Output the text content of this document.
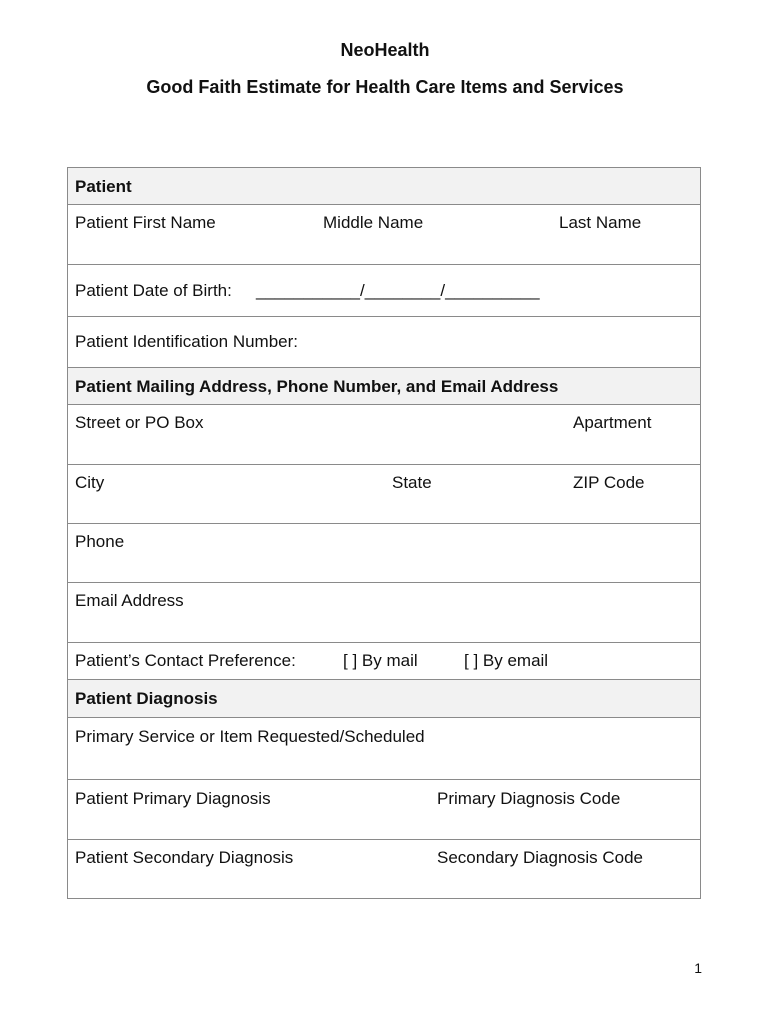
NeoHealth
Good Faith Estimate for Health Care Items and Services
Patient
Patient First Name	Middle Name	Last Name
Patient Date of Birth: ___________/________/__________
Patient Identification Number:
Patient Mailing Address, Phone Number, and Email Address
Street or PO Box	Apartment
City	State	ZIP Code
Phone
Email Address
Patient’s Contact Preference:	[ ] By mail	[ ] By email
Patient Diagnosis
Primary Service or Item Requested/Scheduled
Patient Primary Diagnosis	Primary Diagnosis Code
Patient Secondary Diagnosis	Secondary Diagnosis Code
1
